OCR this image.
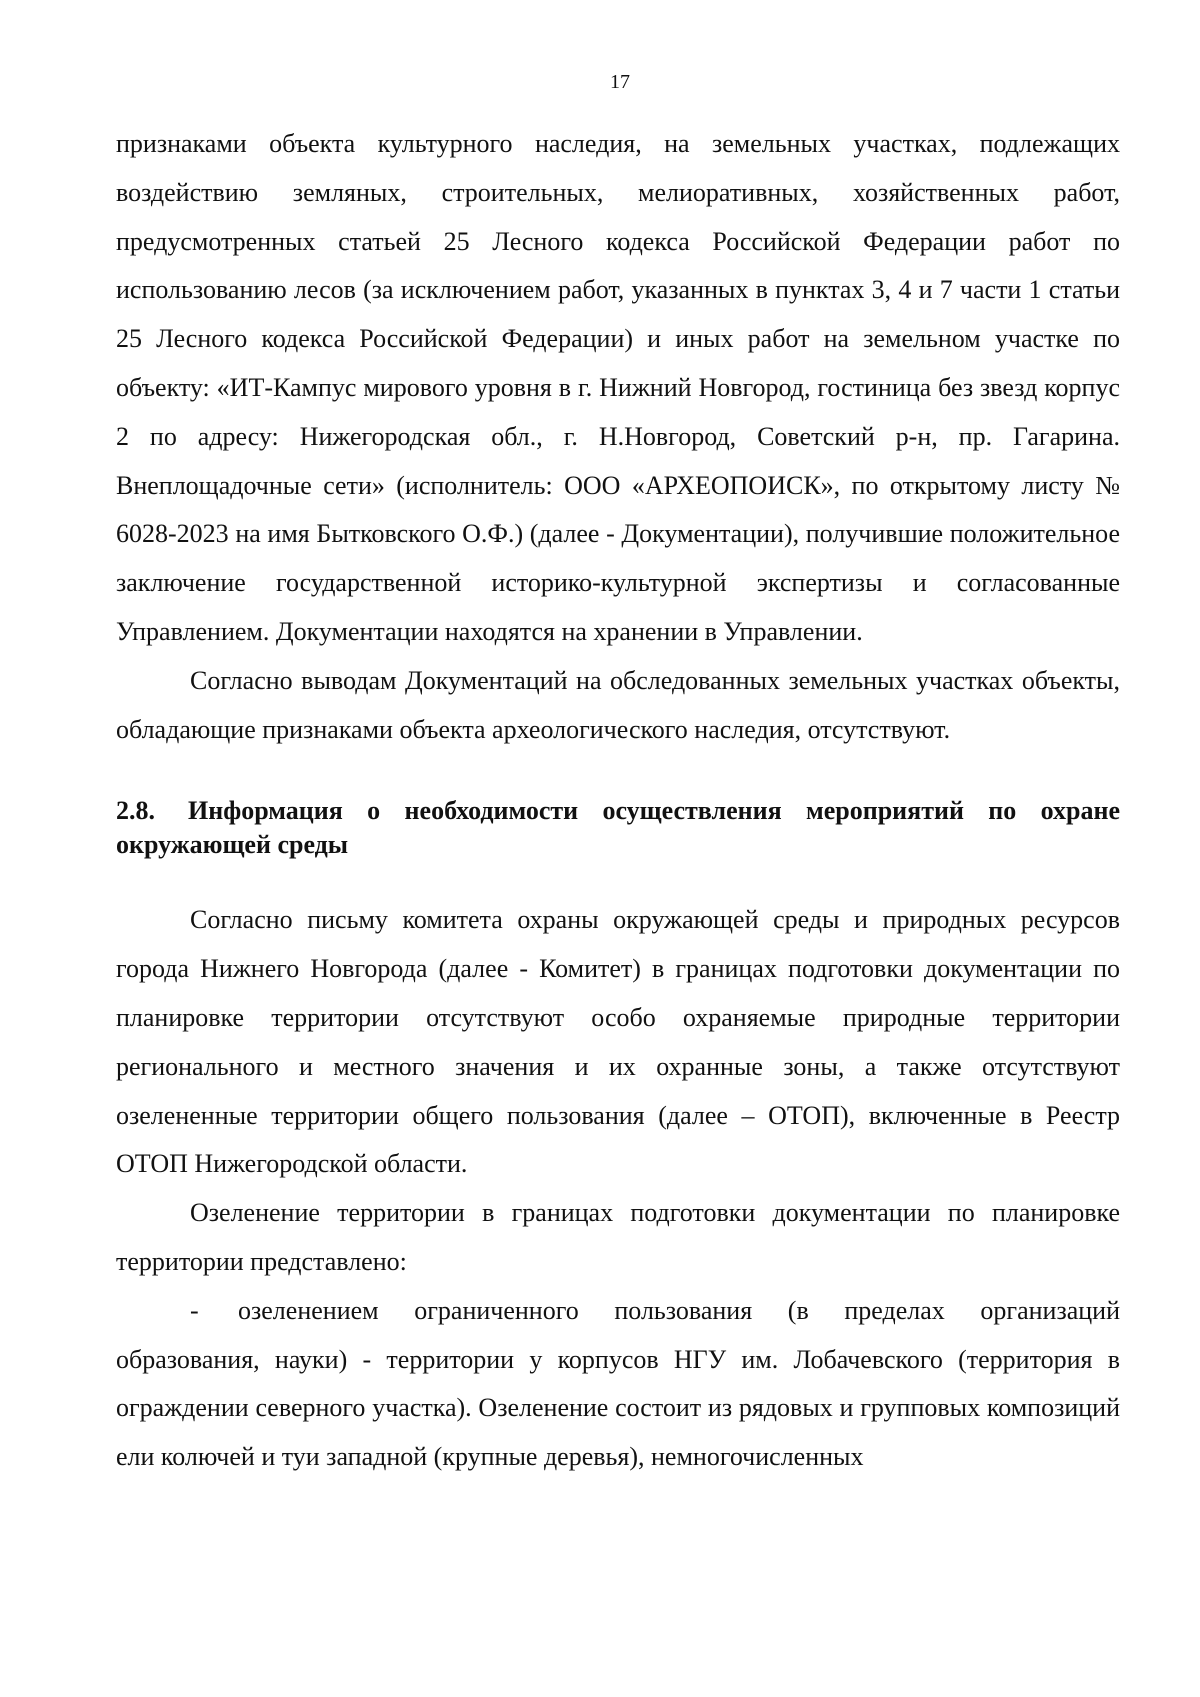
17

признаками объекта культурного наследия, на земельных участках, подлежащих воздействию земляных, строительных, мелиоративных, хозяйственных работ, предусмотренных статьей 25 Лесного кодекса Российской Федерации работ по использованию лесов (за исключением работ, указанных в пунктах 3, 4 и 7 части 1 статьи 25 Лесного кодекса Российской Федерации) и иных работ на земельном участке по объекту: «ИТ-Кампус мирового уровня в г. Нижний Новгород, гостиница без звезд корпус 2 по адресу: Нижегородская обл., г. Н.Новгород, Советский р-н, пр. Гагарина. Внеплощадочные сети» (исполнитель: ООО «АРХЕОПОИСК», по открытому листу № 6028-2023 на имя Бытковского О.Ф.) (далее - Документации), получившие положительное заключение государственной историко-культурной экспертизы и согласованные Управлением. Документации находятся на хранении в Управлении.

Согласно выводам Документаций на обследованных земельных участках объекты, обладающие признаками объекта археологического наследия, отсутствуют.

2.8. Информация о необходимости осуществления мероприятий по охране окружающей среды

Согласно письму комитета охраны окружающей среды и природных ресурсов города Нижнего Новгорода (далее - Комитет) в границах подготовки документации по планировке территории отсутствуют особо охраняемые природные территории регионального и местного значения и их охранные зоны, а также отсутствуют озелененные территории общего пользования (далее – ОТОП), включенные в Реестр ОТОП Нижегородской области.

Озеленение территории в границах подготовки документации по планировке территории представлено:

- озеленением ограниченного пользования (в пределах организаций образования, науки) - территории у корпусов НГУ им. Лобачевского (территория в ограждении северного участка). Озеленение состоит из рядовых и групповых композиций ели колючей и туи западной (крупные деревья), немногочисленных
